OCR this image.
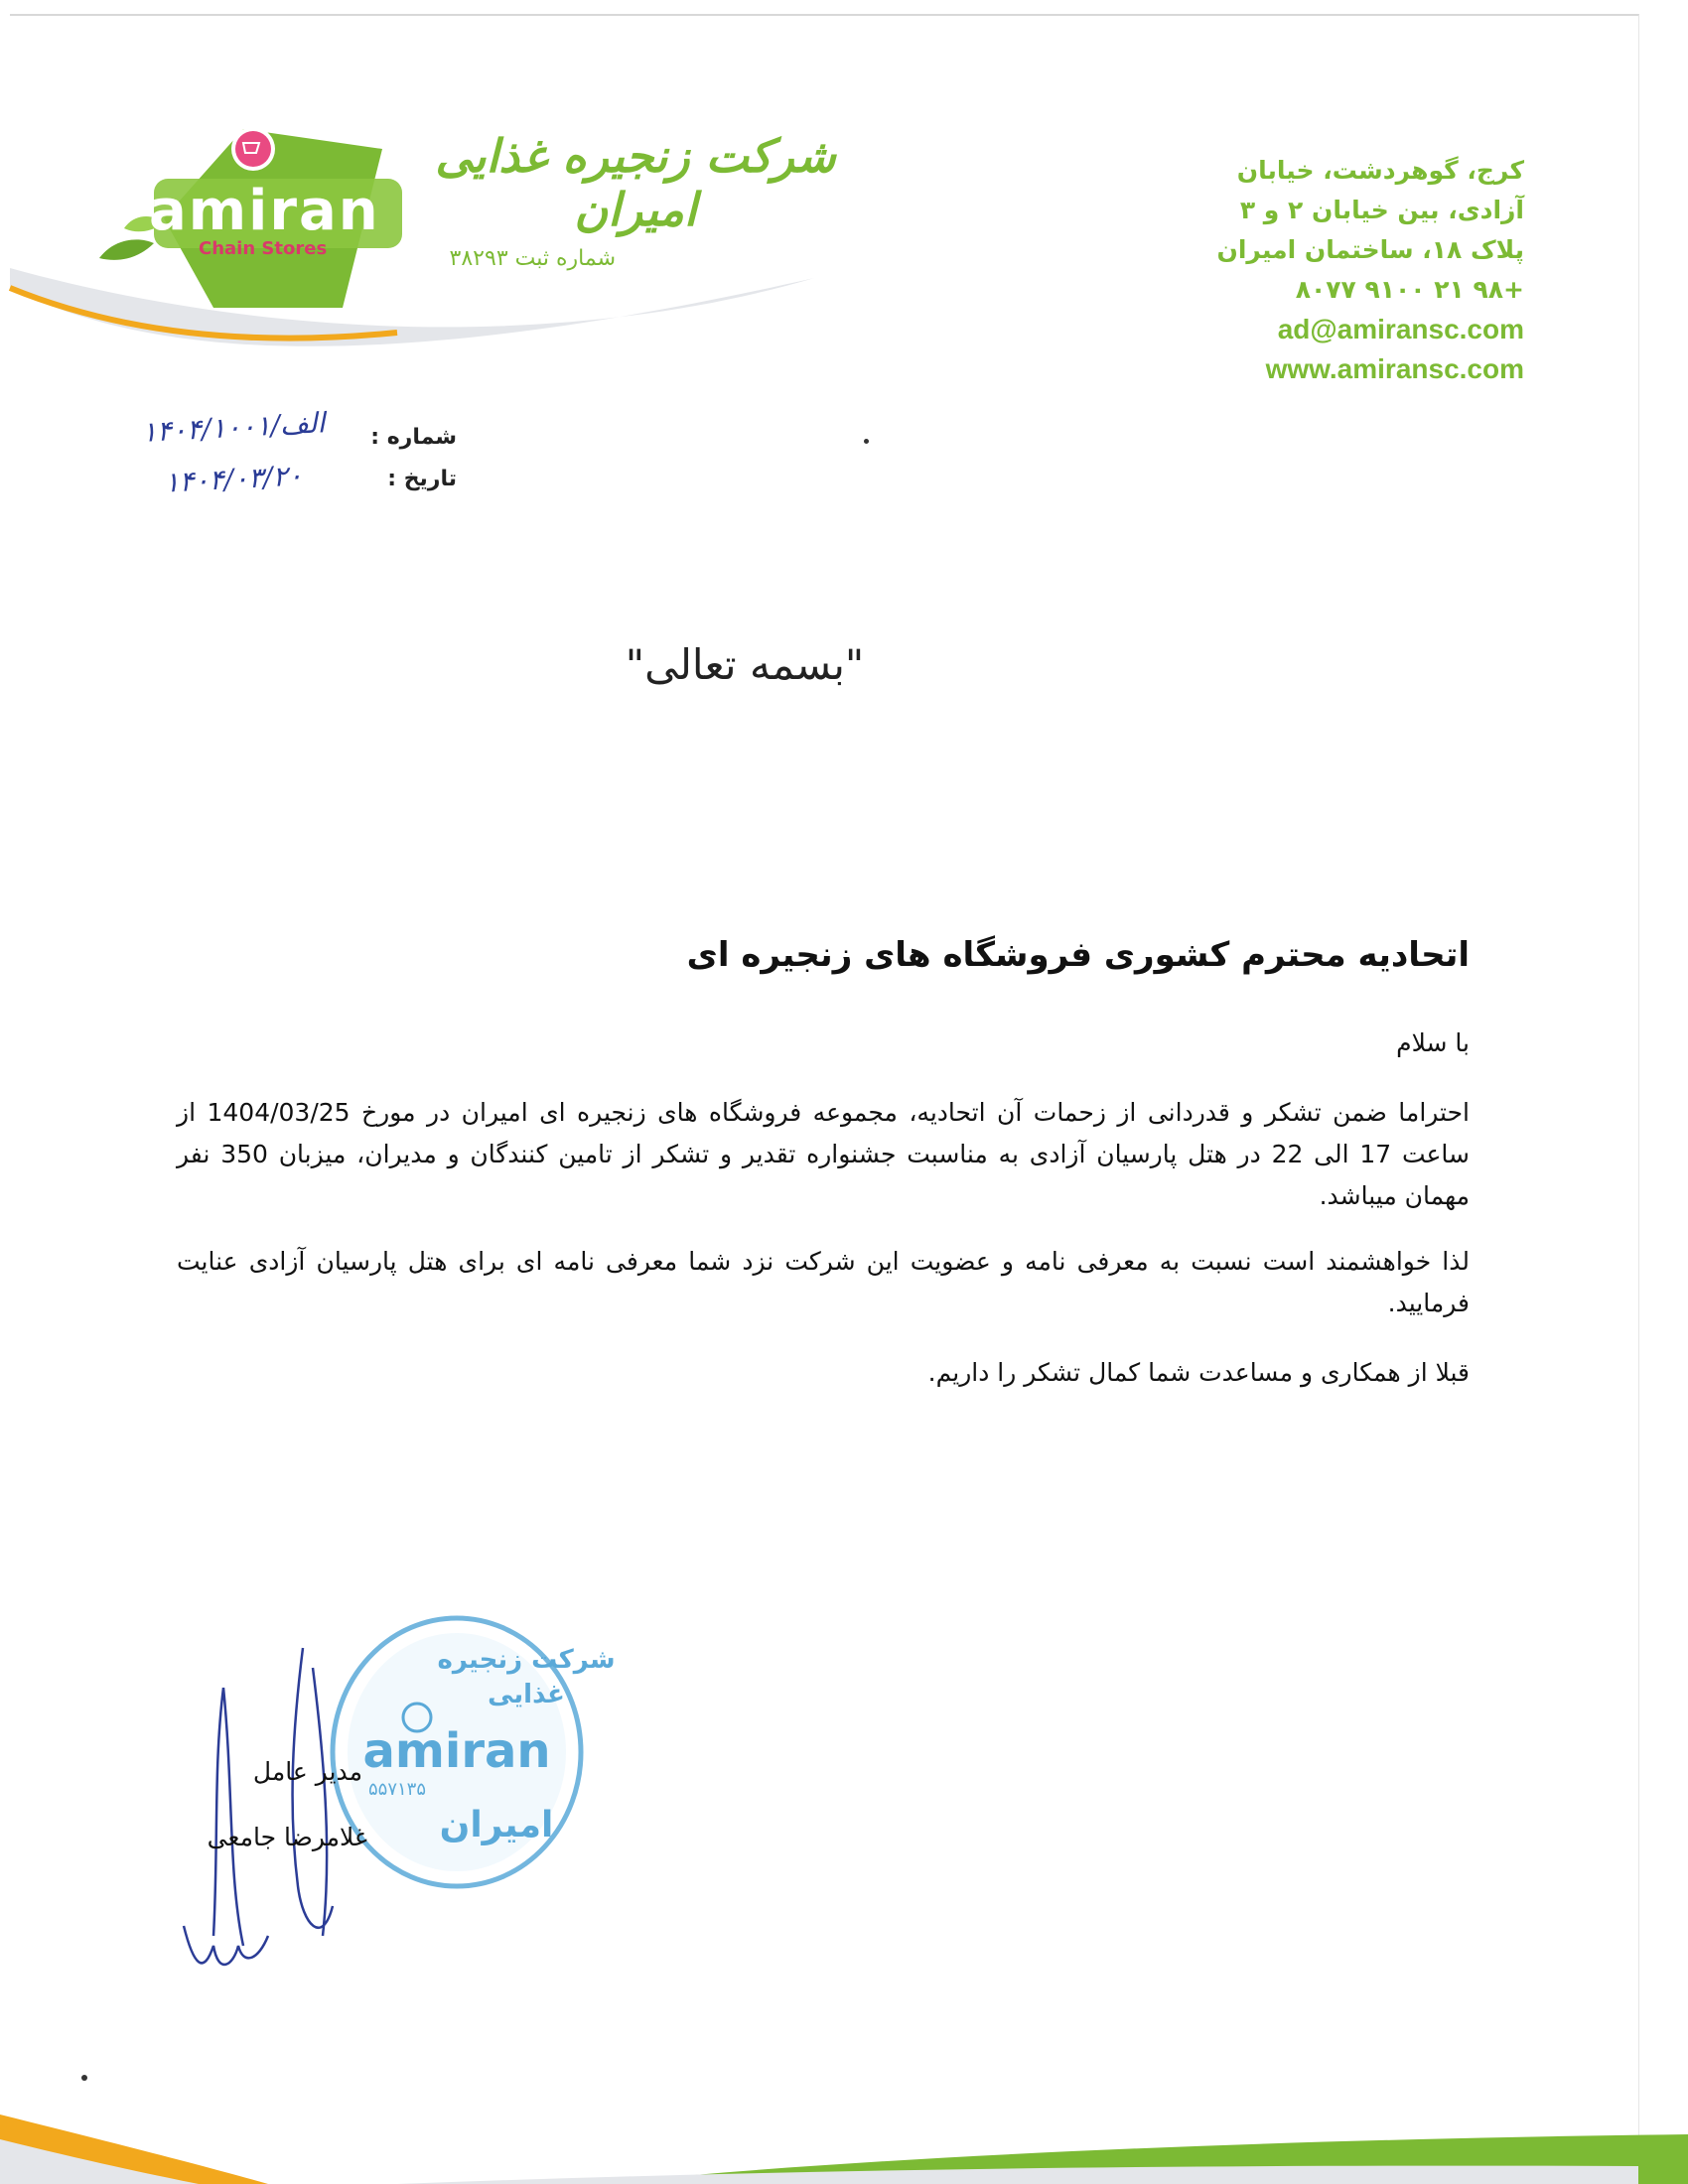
amiran
Chain Stores
شرکت زنجیره غذایی امیران
شماره ثبت ۳۸۲۹۳
کرج، گوهردشت، خیابان
آزادی، بین خیابان ۲ و ۳
پلاک ۱۸، ساختمان امیران
+۹۸ ۲۱ ۹۱۰۰ ۸۰۷۷
ad@amiransc.com
www.amiransc.com
شماره :
۱۴۰۴/الف/۱۰۰۱
تاریخ :
۱۴۰۴/۰۳/۲۰
"بسمه تعالی"
اتحادیه محترم کشوری فروشگاه های زنجیره ای
با سلام
احتراما ضمن تشکر و قدردانی از زحمات آن اتحادیه، مجموعه فروشگاه های زنجیره ای امیران در مورخ 1404/03/25 از ساعت 17 الی 22 در هتل پارسیان آزادی به مناسبت جشنواره تقدیر و تشکر از تامین کنندگان و مدیران، میزبان 350 نفر مهمان میباشد.
لذا خواهشمند است نسبت به معرفی نامه و عضویت این شرکت نزد شما معرفی نامه ای برای هتل پارسیان آزادی عنایت فرمایید.
قبلا از همکاری و مساعدت شما کمال تشکر را داریم.
شرکت زنجیره
غذایی
amiran
۵۵۷۱۳۵
امیران
مدیر عامل
غلامرضا جامعی
